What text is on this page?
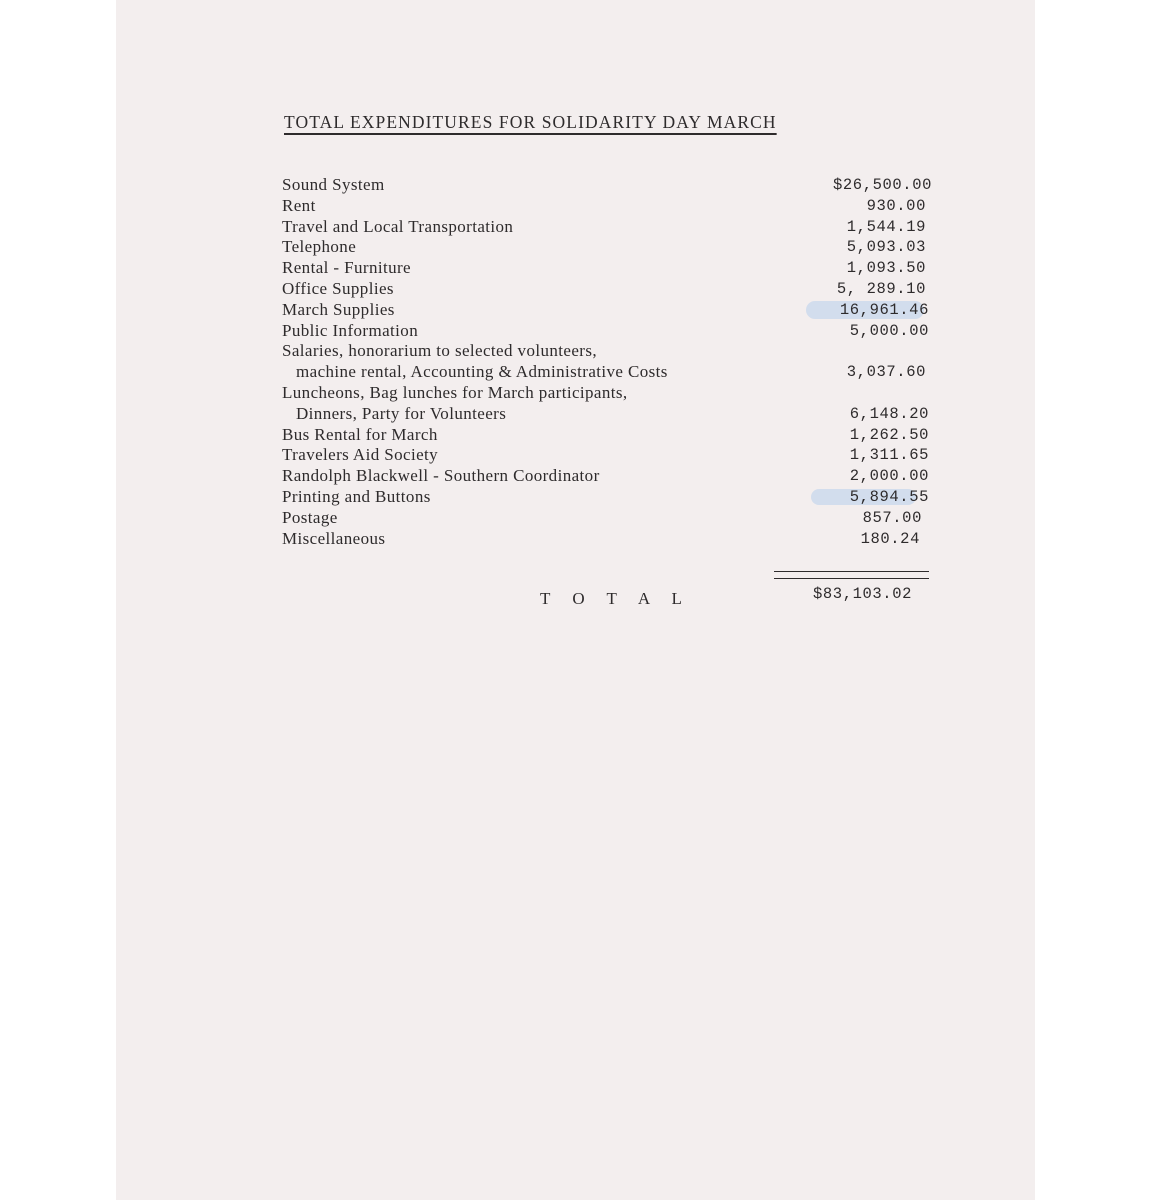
TOTAL EXPENDITURES FOR SOLIDARITY DAY MARCH
Sound System	$26,500.00
Rent	930.00
Travel and Local Transportation	1,544.19
Telephone	5,093.03
Rental - Furniture	1,093.50
Office Supplies	5, 289.10
March Supplies	16,961.46
Public Information	5,000.00
Salaries, honorarium to selected volunteers,
machine rental, Accounting & Administrative Costs	3,037.60
Luncheons, Bag lunches for March participants,
Dinners, Party for Volunteers	6,148.20
Bus Rental for March	1,262.50
Travelers Aid Society	1,311.65
Randolph Blackwell - Southern Coordinator	2,000.00
Printing and Buttons	5,894.55
Postage	857.00
Miscellaneous	180.24
T O T A L	$83,103.02
